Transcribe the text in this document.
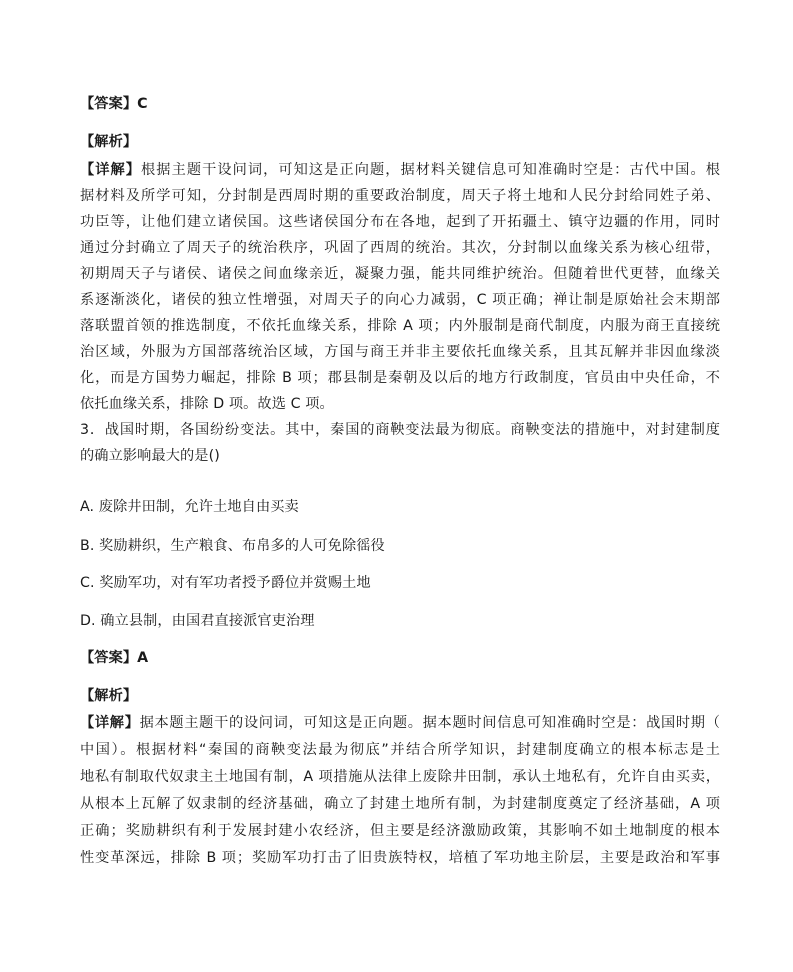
【答案】C
【解析】
【详解】根据主题干设问词，可知这是正向题，据材料关键信息可知准确时空是：古代中国。根
据材料及所学可知，分封制是西周时期的重要政治制度，周天子将土地和人民分封给同姓子弟、
功臣等，让他们建立诸侯国。这些诸侯国分布在各地，起到了开拓疆土、镇守边疆的作用，同时
通过分封确立了周天子的统治秩序，巩固了西周的统治。其次，分封制以血缘关系为核心纽带，
初期周天子与诸侯、诸侯之间血缘亲近，凝聚力强，能共同维护统治。但随着世代更替，血缘关
系逐渐淡化，诸侯的独立性增强，对周天子的向心力减弱，C 项正确；禅让制是原始社会末期部
落联盟首领的推选制度，不依托血缘关系，排除 A 项；内外服制是商代制度，内服为商王直接统
治区域，外服为方国部落统治区域，方国与商王并非主要依托血缘关系，且其瓦解并非因血缘淡
化，而是方国势力崛起，排除 B 项；郡县制是秦朝及以后的地方行政制度，官员由中央任命，不
依托血缘关系，排除 D 项。故选 C 项。
3．战国时期，各国纷纷变法。其中，秦国的商鞅变法最为彻底。商鞅变法的措施中，对封建制度
的确立影响最大的是()
A. 废除井田制，允许土地自由买卖
B. 奖励耕织，生产粮食、布帛多的人可免除徭役
C. 奖励军功，对有军功者授予爵位并赏赐土地
D. 确立县制，由国君直接派官吏治理
【答案】A
【解析】
【详解】据本题主题干的设问词，可知这是正向题。据本题时间信息可知准确时空是：战国时期（
中国）。根据材料“秦国的商鞅变法最为彻底”并结合所学知识，封建制度确立的根本标志是土
地私有制取代奴隶主土地国有制，A 项措施从法律上废除井田制，承认土地私有，允许自由买卖，
从根本上瓦解了奴隶制的经济基础，确立了封建土地所有制，为封建制度奠定了经济基础，A 项
正确；奖励耕织有利于发展封建小农经济，但主要是经济激励政策，其影响不如土地制度的根本
性变革深远，排除 B 项；奖励军功打击了旧贵族特权，培植了军功地主阶层，主要是政治和军事
